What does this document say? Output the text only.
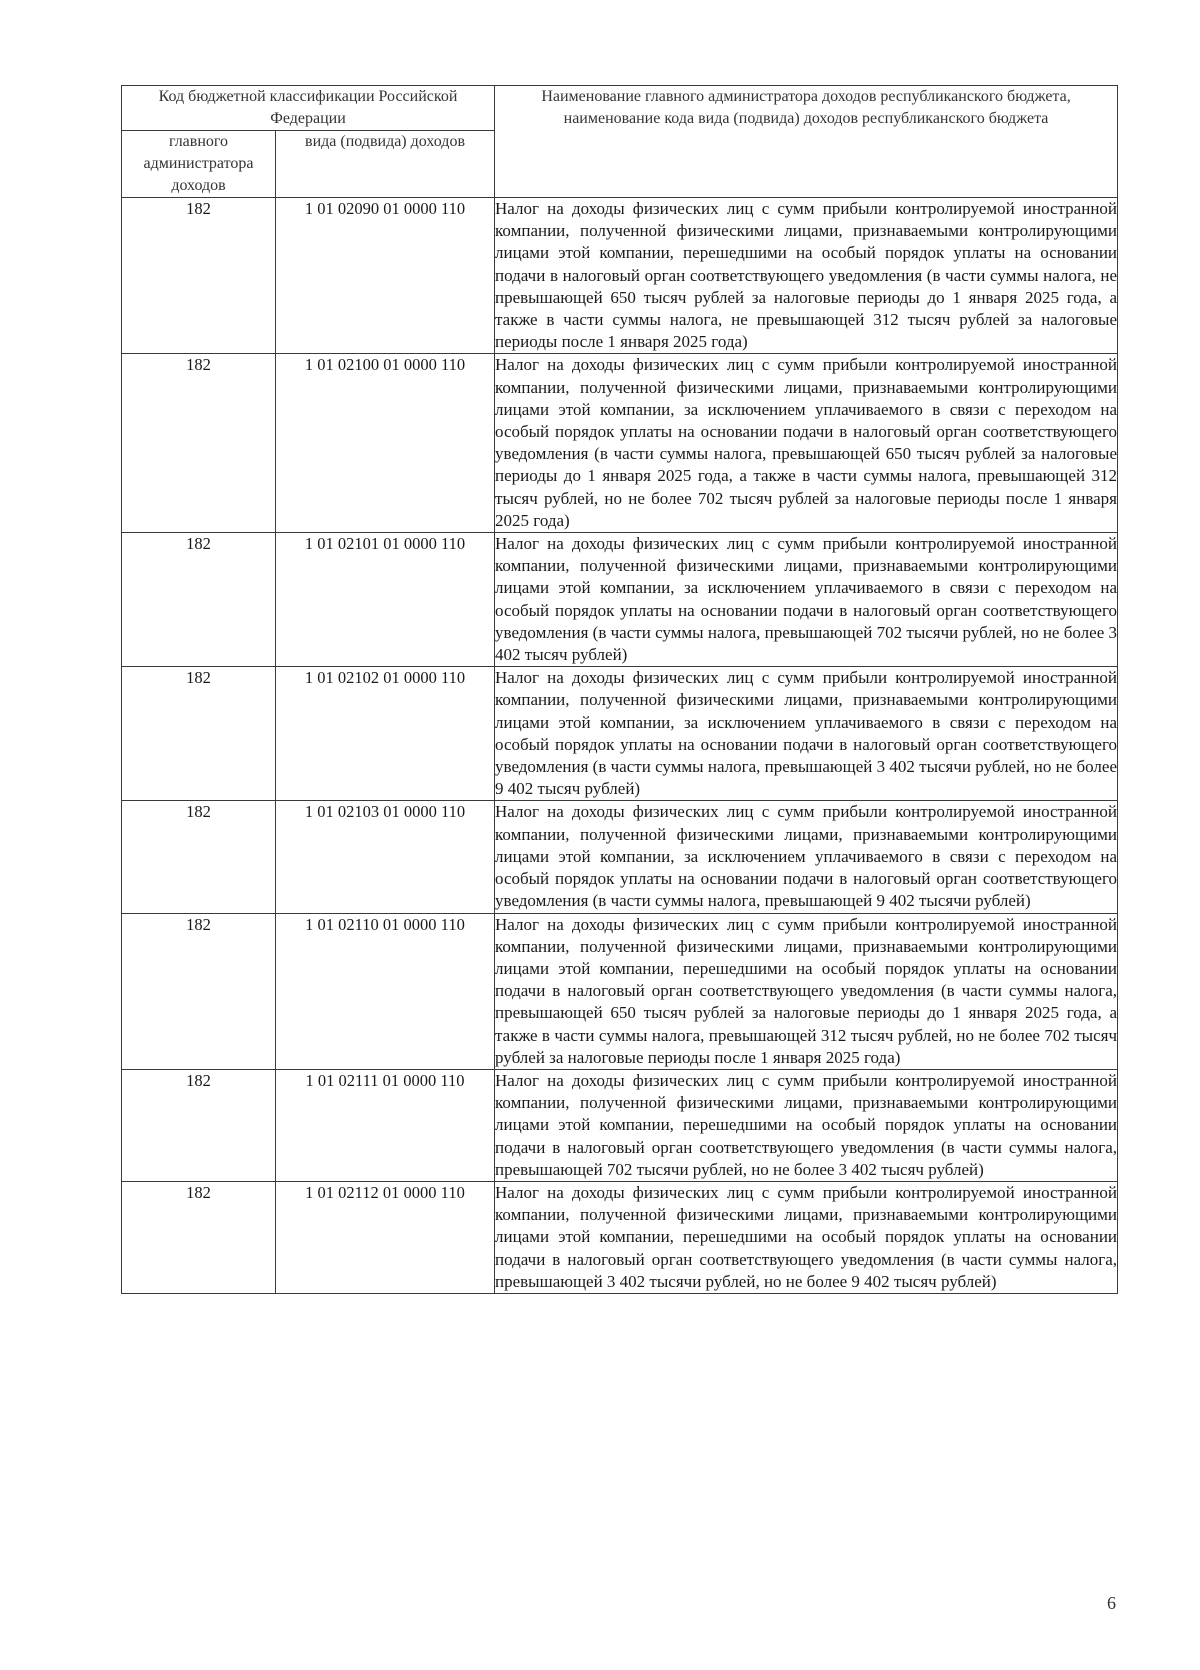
Код бюджетной классификации Российской Федерации		Наименование главного администратора доходов республиканского бюджета, наименование кода вида (подвида) доходов республиканского бюджета
главного администратора доходов	вида (подвида) доходов	
182	1 01 02090 01 0000 110	Налог на доходы физических лиц с сумм прибыли контролируемой иностранной компании, полученной физическими лицами, признаваемыми контролирующими лицами этой компании, перешедшими на особый порядок уплаты на основании подачи в налоговый орган соответствующего уведомления (в части суммы налога, не превышающей 650 тысяч рублей за налоговые периоды до 1 января 2025 года, а также в части суммы налога, не превышающей 312 тысяч рублей за налоговые периоды после 1 января 2025 года)
182	1 01 02100 01 0000 110	Налог на доходы физических лиц с сумм прибыли контролируемой иностранной компании, полученной физическими лицами, признаваемыми контролирующими лицами этой компании, за исключением уплачиваемого в связи с переходом на особый порядок уплаты на основании подачи в налоговый орган соответствующего уведомления (в части суммы налога, превышающей 650 тысяч рублей за налоговые периоды до 1 января 2025 года, а также в части суммы налога, превышающей 312 тысяч рублей, но не более 702 тысяч рублей за налоговые периоды после 1 января 2025 года)
182	1 01 02101 01 0000 110	Налог на доходы физических лиц с сумм прибыли контролируемой иностранной компании, полученной физическими лицами, признаваемыми контролирующими лицами этой компании, за исключением уплачиваемого в связи с переходом на особый порядок уплаты на основании подачи в налоговый орган соответствующего уведомления (в части суммы налога, превышающей 702 тысячи рублей, но не более 3 402 тысяч рублей)
182	1 01 02102 01 0000 110	Налог на доходы физических лиц с сумм прибыли контролируемой иностранной компании, полученной физическими лицами, признаваемыми контролирующими лицами этой компании, за исключением уплачиваемого в связи с переходом на особый порядок уплаты на основании подачи в налоговый орган соответствующего уведомления (в части суммы налога, превышающей 3 402 тысячи рублей, но не более 9 402 тысяч рублей)
182	1 01 02103 01 0000 110	Налог на доходы физических лиц с сумм прибыли контролируемой иностранной компании, полученной физическими лицами, признаваемыми контролирующими лицами этой компании, за исключением уплачиваемого в связи с переходом на особый порядок уплаты на основании подачи в налоговый орган соответствующего уведомления (в части суммы налога, превышающей 9 402 тысячи рублей)
182	1 01 02110 01 0000 110	Налог на доходы физических лиц с сумм прибыли контролируемой иностранной компании, полученной физическими лицами, признаваемыми контролирующими лицами этой компании, перешедшими на особый порядок уплаты на основании подачи в налоговый орган соответствующего уведомления (в части суммы налога, превышающей 650 тысяч рублей за налоговые периоды до 1 января 2025 года, а также в части суммы налога, превышающей 312 тысяч рублей, но не более 702 тысяч рублей за налоговые периоды после 1 января 2025 года)
182	1 01 02111 01 0000 110	Налог на доходы физических лиц с сумм прибыли контролируемой иностранной компании, полученной физическими лицами, признаваемыми контролирующими лицами этой компании, перешедшими на особый порядок уплаты на основании подачи в налоговый орган соответствующего уведомления (в части суммы налога, превышающей 702 тысячи рублей, но не более 3 402 тысяч рублей)
182	1 01 02112 01 0000 110	Налог на доходы физических лиц с сумм прибыли контролируемой иностранной компании, полученной физическими лицами, признаваемыми контролирующими лицами этой компании, перешедшими на особый порядок уплаты на основании подачи в налоговый орган соответствующего уведомления (в части суммы налога, превышающей 3 402 тысячи рублей, но не более 9 402 тысяч рублей)
6
